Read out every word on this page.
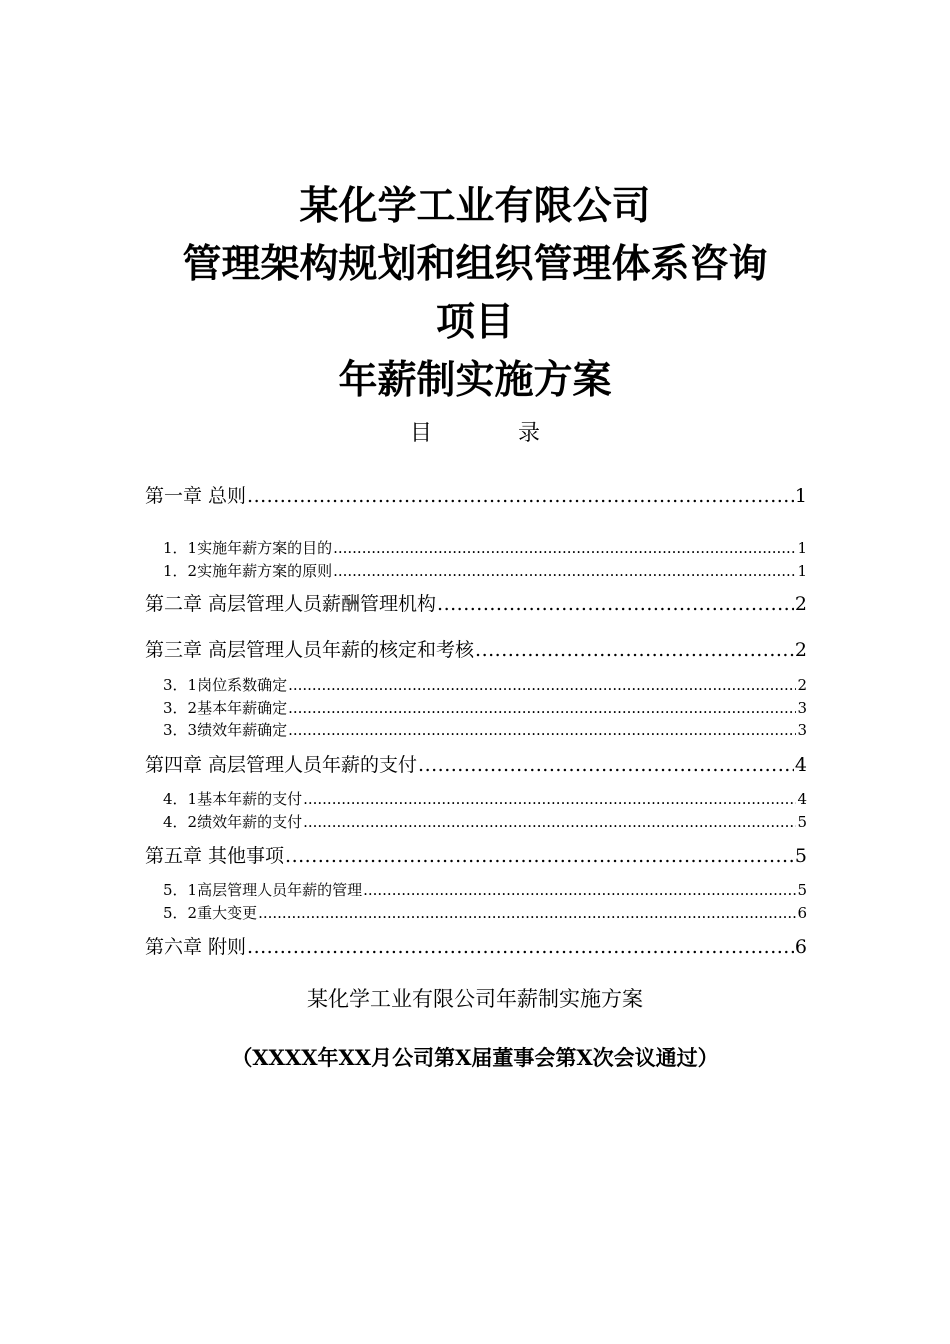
某化学工业有限公司
管理架构规划和组织管理体系咨询
项目
年薪制实施方案
目	录
第一章 总则 .....	1
1．1实施年薪方案的目的 .....	1
1．2实施年薪方案的原则 .....	1
第二章 高层管理人员薪酬管理机构 .....	2
第三章 高层管理人员年薪的核定和考核 .....	2
3．1岗位系数确定 .....	2
3．2基本年薪确定 .....	3
3．3绩效年薪确定 .....	3
第四章 高层管理人员年薪的支付 .....	4
4．1基本年薪的支付 .....	4
4．2绩效年薪的支付 .....	5
第五章 其他事项 .....	5
5．1高层管理人员年薪的管理 .....	5
5．2重大变更 .....	6
第六章 附则 .....	6
某化学工业有限公司年薪制实施方案
（XXXX年XX月公司第X届董事会第X次会议通过）
